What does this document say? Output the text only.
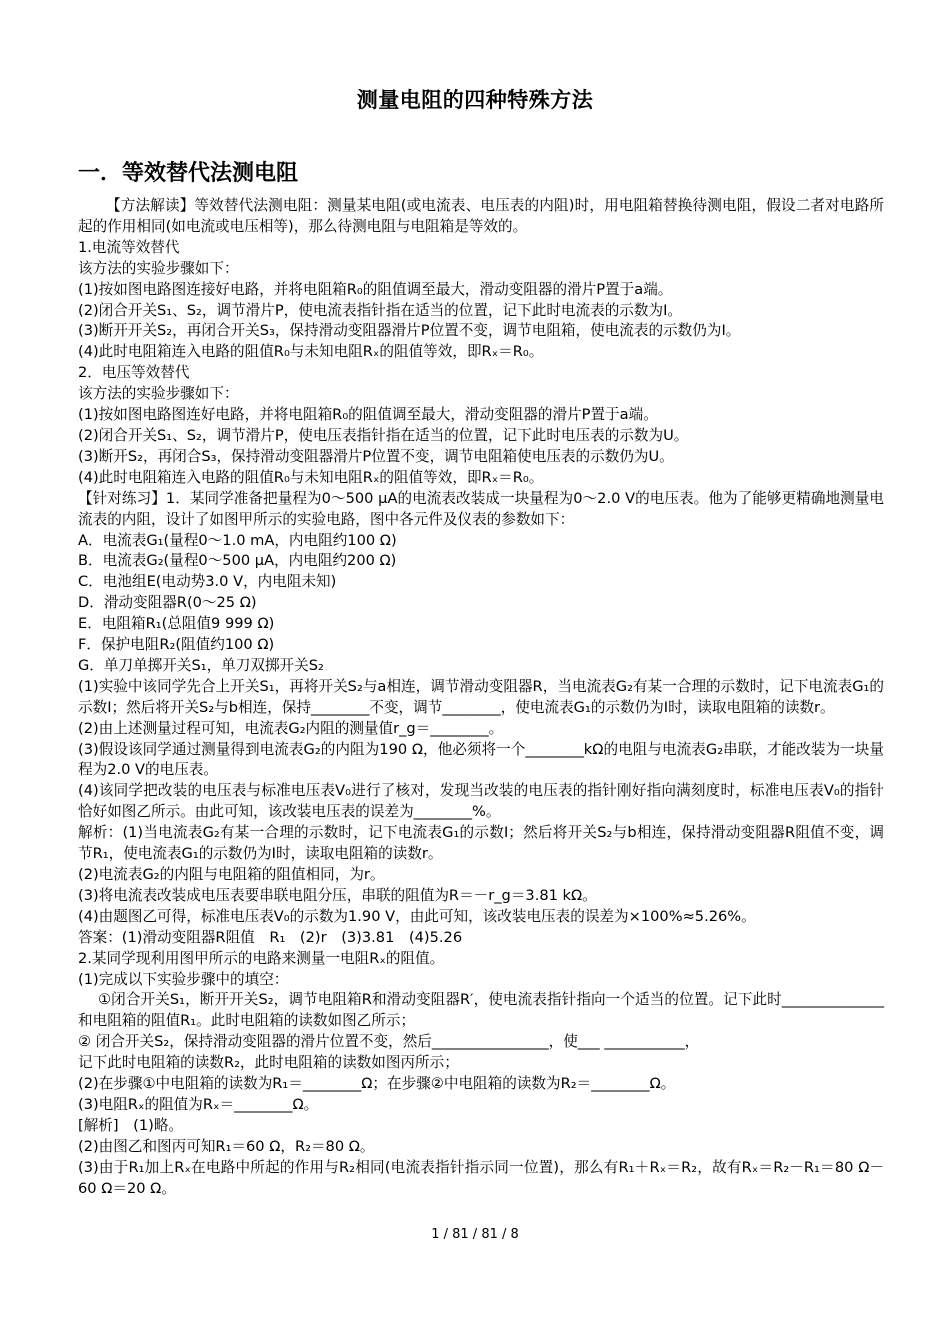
测量电阻的四种特殊方法
一．等效替代法测电阻

【方法解读】等效替代法测电阻：测量某电阻(或电流表、电压表的内阻)时，用电阻箱替换待测电阻，假设二者对电路所起的作用相同(如电流或电压相等)，那么待测电阻与电阻箱是等效的。

1.电流等效替代

该方法的实验步骤如下：

(1)按如图电路图连接好电路，并将电阻箱R₀的阻值调至最大，滑动变阻器的滑片P置于a端。

(2)闭合开关S₁、S₂，调节滑片P，使电流表指针指在适当的位置，记下此时电流表的示数为I。

(3)断开开关S₂，再闭合开关S₃，保持滑动变阻器滑片P位置不变，调节电阻箱，使电流表的示数仍为I。

(4)此时电阻箱连入电路的阻值R₀与未知电阻Rₓ的阻值等效，即Rₓ＝R₀。

2．电压等效替代

该方法的实验步骤如下：

(1)按如图电路图连好电路，并将电阻箱R₀的阻值调至最大，滑动变阻器的滑片P置于a端。

(2)闭合开关S₁、S₂，调节滑片P，使电压表指针指在适当的位置，记下此时电压表的示数为U。

(3)断开S₂，再闭合S₃，保持滑动变阻器滑片P位置不变，调节电阻箱使电压表的示数仍为U。

(4)此时电阻箱连入电路的阻值R₀与未知电阻Rₓ的阻值等效，即Rₓ＝R₀。

【针对练习】1．某同学准备把量程为0～500 μA的电流表改装成一块量程为0～2.0 V的电压表。他为了能够更精确地测量电流表的内阻，设计了如图甲所示的实验电路，图中各元件及仪表的参数如下：

A．电流表G₁(量程0～1.0 mA，内电阻约100 Ω)

B．电流表G₂(量程0～500 μA，内电阻约200 Ω)

C．电池组E(电动势3.0 V，内电阻未知)

D．滑动变阻器R(0～25 Ω)

E．电阻箱R₁(总阻值9 999 Ω)

F．保护电阻R₂(阻值约100 Ω)

G．单刀单掷开关S₁，单刀双掷开关S₂

(1)实验中该同学先合上开关S₁，再将开关S₂与a相连，调节滑动变阻器R，当电流表G₂有某一合理的示数时，记下电流表G₁的示数I；然后将开关S₂与b相连，保持________不变，调节________，使电流表G₁的示数仍为I时，读取电阻箱的读数r。

(2)由上述测量过程可知，电流表G₂内阻的测量值r_g＝________。

(3)假设该同学通过测量得到电流表G₂的内阻为190 Ω，他必须将一个________kΩ的电阻与电流表G₂串联，才能改装为一块量程为2.0 V的电压表。

(4)该同学把改装的电压表与标准电压表V₀进行了核对，发现当改装的电压表的指针刚好指向满刻度时，标准电压表V₀的指针恰好如图乙所示。由此可知，该改装电压表的误差为________%。

解析：(1)当电流表G₂有某一合理的示数时，记下电流表G₁的示数I；然后将开关S₂与b相连，保持滑动变阻器R阻值不变，调节R₁，使电流表G₁的示数仍为I时，读取电阻箱的读数r。

(2)电流表G₂的内阻与电阻箱的阻值相同，为r。

(3)将电流表改装成电压表要串联电阻分压，串联的阻值为R＝－r_g＝3.81 kΩ。

(4)由题图乙可得，标准电压表V₀的示数为1.90 V，由此可知，该改装电压表的误差为×100%≈5.26%。

答案：(1)滑动变阻器R阻值　R₁　(2)r　(3)3.81　(4)5.26

2.某同学现利用图甲所示的电路来测量一电阻Rₓ的阻值。

(1)完成以下实验步骤中的填空：

①闭合开关S₁，断开开关S₂，调节电阻箱R和滑动变阻器R′，使电流表指针指向一个适当的位置。记下此时______________和电阻箱的阻值R₁。此时电阻箱的读数如图乙所示；

② 闭合开关S₂，保持滑动变阻器的滑片位置不变，然后________________，使___ ___________，

记下此时电阻箱的读数R₂，此时电阻箱的读数如图丙所示；

(2)在步骤①中电阻箱的读数为R₁＝________Ω；在步骤②中电阻箱的读数为R₂＝________Ω。

(3)电阻Rₓ的阻值为Rₓ＝________Ω。

[解析]　(1)略。

(2)由图乙和图丙可知R₁＝60 Ω，R₂＝80 Ω。

(3)由于R₁加上Rₓ在电路中所起的作用与R₂相同(电流表指针指示同一位置)，那么有R₁＋Rₓ＝R₂，故有Rₓ＝R₂－R₁＝80 Ω－60 Ω＝20 Ω。

1 / 81 / 81 / 8
